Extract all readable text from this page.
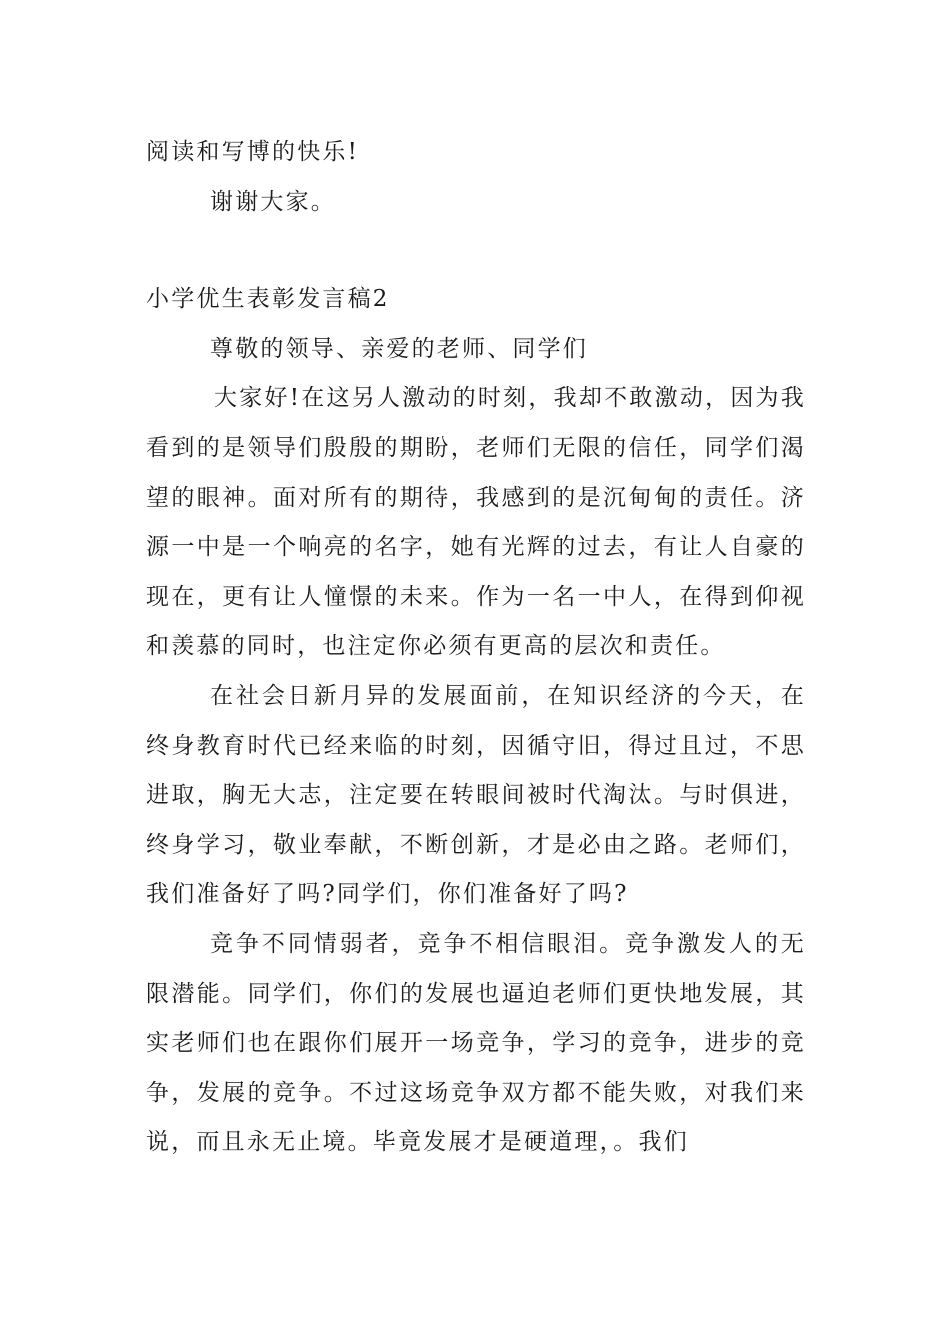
阅读和写博的快乐!

谢谢大家。

小学优生表彰发言稿2

尊敬的领导、亲爱的老师、同学们

大家好!在这另人激动的时刻，我却不敢激动，因为我看到的是领导们殷殷的期盼，老师们无限的信任，同学们渴望的眼神。面对所有的期待，我感到的是沉甸甸的责任。济源一中是一个响亮的名字，她有光辉的过去，有让人自豪的现在，更有让人憧憬的未来。作为一名一中人，在得到仰视和羡慕的同时，也注定你必须有更高的层次和责任。

在社会日新月异的发展面前，在知识经济的今天，在终身教育时代已经来临的时刻，因循守旧，得过且过，不思进取，胸无大志，注定要在转眼间被时代淘汰。与时俱进，终身学习，敬业奉献，不断创新，才是必由之路。老师们，我们准备好了吗?同学们，你们准备好了吗?

竞争不同情弱者，竞争不相信眼泪。竞争激发人的无限潜能。同学们，你们的发展也逼迫老师们更快地发展，其实老师们也在跟你们展开一场竞争，学习的竞争，进步的竞争，发展的竞争。不过这场竞争双方都不能失败，对我们来说，而且永无止境。毕竟发展才是硬道理，。我们
